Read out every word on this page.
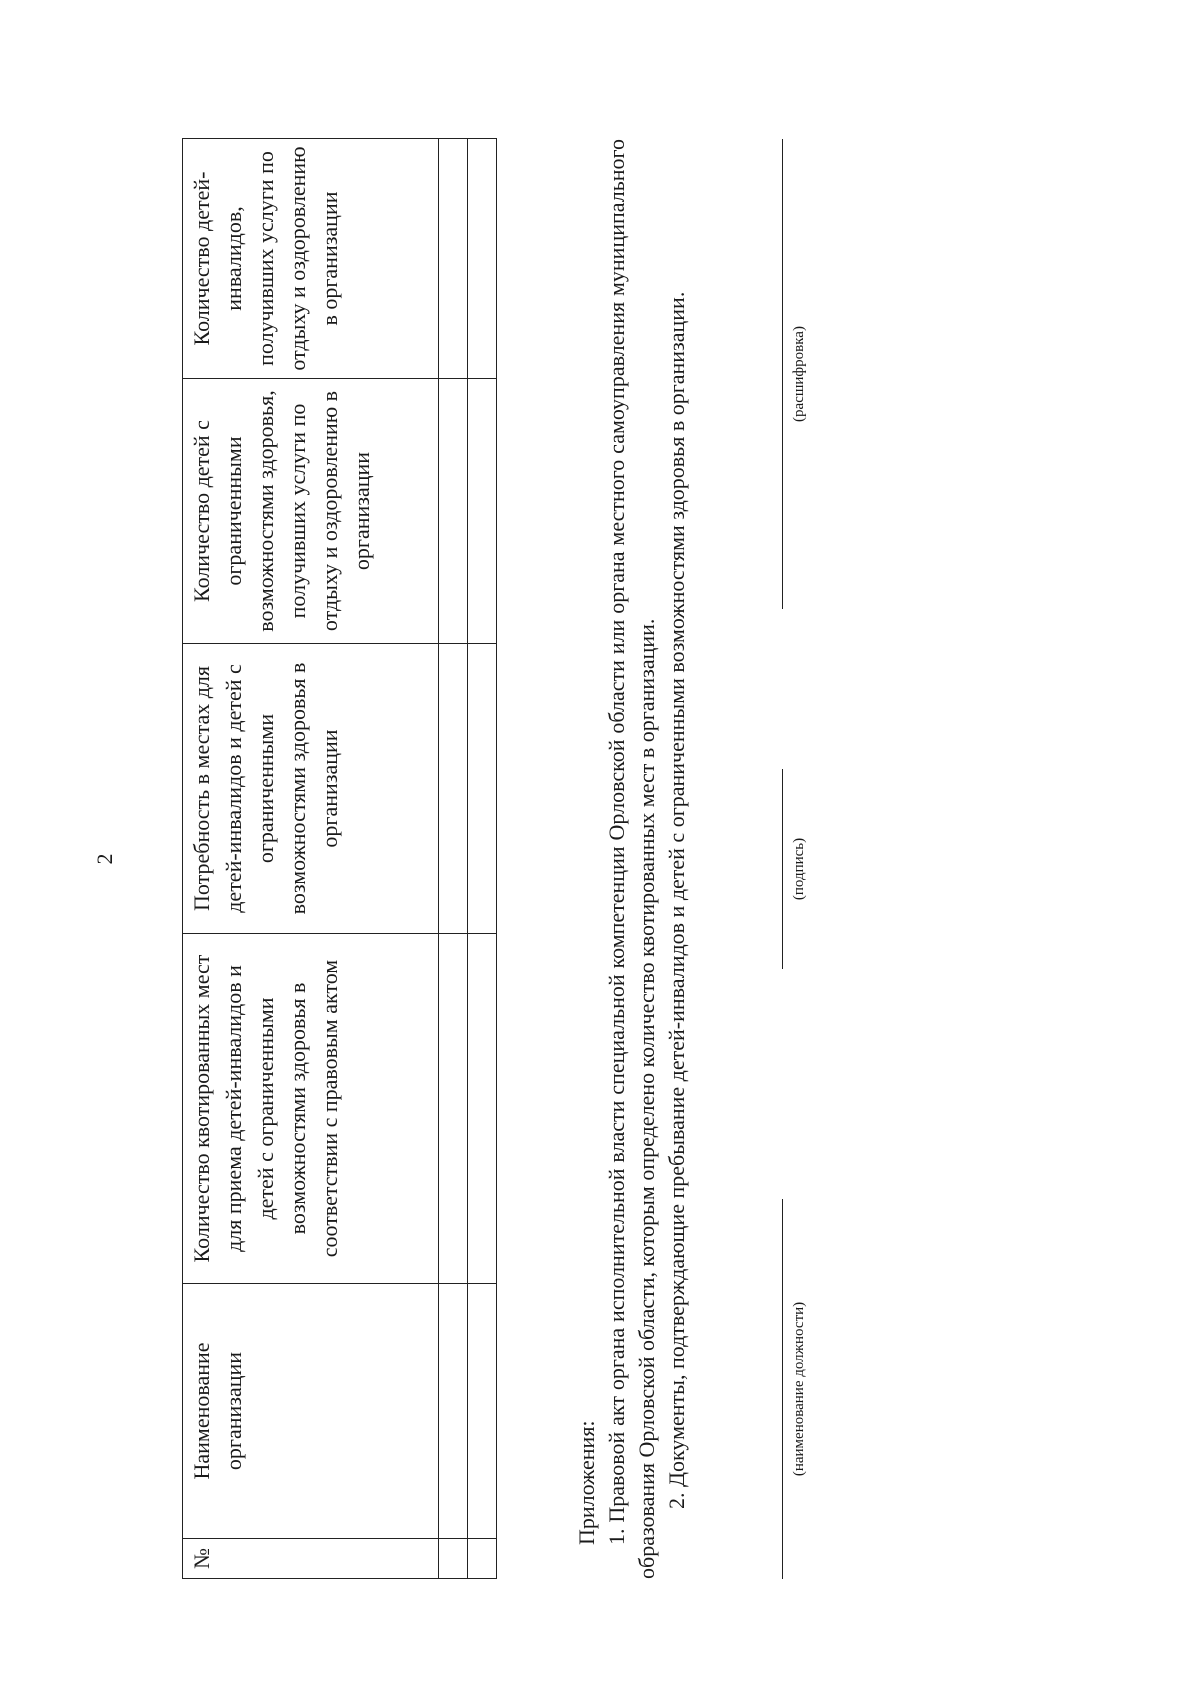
2
№	Наименование организации	Количество квотированных мест для приема детей-инвалидов и детей с ограниченными возможностями здоровья в соответствии с правовым актом	Потребность в местах для детей-инвалидов и детей с ограниченными возможностями здоровья в организации	Количество детей с ограниченными возможностями здоровья, получивших услуги по отдыху и оздоровлению в организации	Количество детей-инвалидов, получивших услуги по отдыху и оздоровлению в организации

Приложения: 1. Правовой акт органа исполнительной власти специальной компетенции Орловской области или органа местного самоуправления муниципального образования Орловской области, которым определено количество квотированных мест в организации. 2. Документы, подтверждающие пребывание детей-инвалидов и детей с ограниченными возможностями здоровья в организации.	(наименование должности)
(подпись)
(расшифровка)
